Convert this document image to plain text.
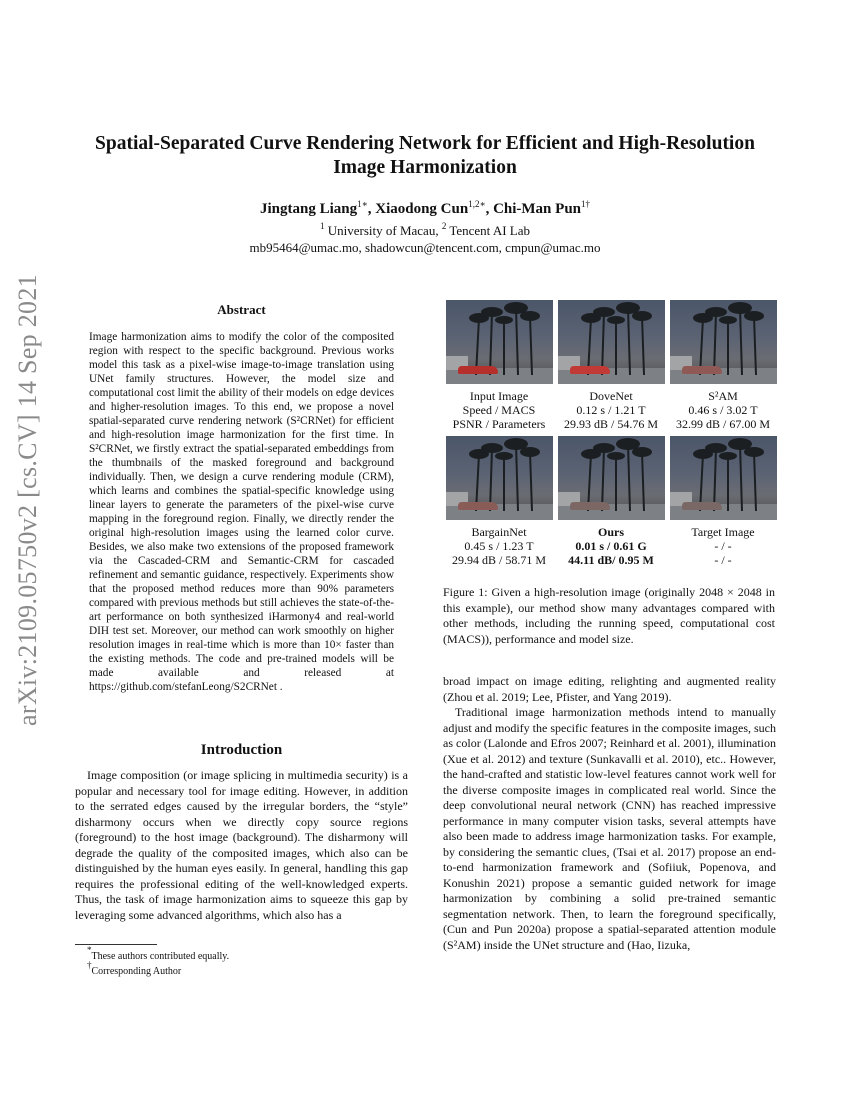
arXiv:2109.05750v2 [cs.CV] 14 Sep 2021
Spatial-Separated Curve Rendering Network for Efficient and High-Resolution
Image Harmonization
Jingtang Liang$^{1∗}$, Xiaodong Cun$^{1,2∗}$, Chi-Man Pun$^{1\dagger}$
$^1$ University of Macau, $^2$ Tencent AI Lab
mb95464@umac.mo, shadowcun@tencent.com, cmpun@umac.mo
Abstract
Image harmonization aims to modify the color of the composited region with respect to the specific background. Previous works model this task as a pixel-wise image-to-image translation using UNet family structures. However, the model size and computational cost limit the ability of their models on edge devices and higher-resolution images. To this end, we propose a novel spatial-separated curve rendering network (S²CRNet) for efficient and high-resolution image harmonization for the first time. In S²CRNet, we firstly extract the spatial-separated embeddings from the thumbnails of the masked foreground and background individually. Then, we design a curve rendering module (CRM), which learns and combines the spatial-specific knowledge using linear layers to generate the parameters of the pixel-wise curve mapping in the foreground region. Finally, we directly render the original high-resolution images using the learned color curve. Besides, we also make two extensions of the proposed framework via the Cascaded-CRM and Semantic-CRM for cascaded refinement and semantic guidance, respectively. Experiments show that the proposed method reduces more than 90% parameters compared with previous methods but still achieves the state-of-the-art performance on both synthesized iHarmony4 and real-world DIH test set. Moreover, our method can work smoothly on higher resolution images in real-time which is more than 10× faster than the existing methods. The code and pre-trained models will be made available and released at https://github.com/stefanLeong/S2CRNet .
Introduction

Image composition (or image splicing in multimedia security) is a popular and necessary tool for image editing. However, in addition to the serrated edges caused by the irregular borders, the “style” disharmony occurs when we directly copy source regions (foreground) to the host image (background). The disharmony will degrade the quality of the composited images, which also can be distinguished by the human eyes easily. In general, handling this gap requires the professional editing of the well-knowledged experts. Thus, the task of image harmonization aims to squeeze this gap by leveraging some advanced algorithms, which also has a

*These authors contributed equally.
†Corresponding Author
Input Image
Speed / MACS
PSNR / Parameters
DoveNet
0.12 s / 1.21 T
29.93 dB / 54.76 M
S²AM
0.46 s / 3.02 T
32.99 dB / 67.00 M
BargainNet
0.45 s / 1.23 T
29.94 dB / 58.71 M
Ours
0.01 s / 0.61 G
44.11 dB/ 0.95 M
Target Image
- / -
- / -
Figure 1: Given a high-resolution image (originally 2048 × 2048 in this example), our method show many advantages compared with other methods, including the running speed, computational cost (MACS)), performance and model size.

broad impact on image editing, relighting and augmented reality (Zhou et al. 2019; Lee, Pfister, and Yang 2019).

Traditional image harmonization methods intend to manually adjust and modify the specific features in the composite images, such as color (Lalonde and Efros 2007; Reinhard et al. 2001), illumination (Xue et al. 2012) and texture (Sunkavalli et al. 2010), etc.. However, the hand-crafted and statistic low-level features cannot work well for the diverse composite images in complicated real world. Since the deep convolutional neural network (CNN) has reached impressive performance in many computer vision tasks, several attempts have also been made to address image harmonization tasks. For example, by considering the semantic clues, (Tsai et al. 2017) propose an end-to-end harmonization framework and (Sofiiuk, Popenova, and Konushin 2021) propose a semantic guided network for image harmonization by combining a solid pre-trained semantic segmentation network. Then, to learn the foreground specifically, (Cun and Pun 2020a) propose a spatial-separated attention module (S²AM) inside the UNet structure and (Hao, Iizuka,
